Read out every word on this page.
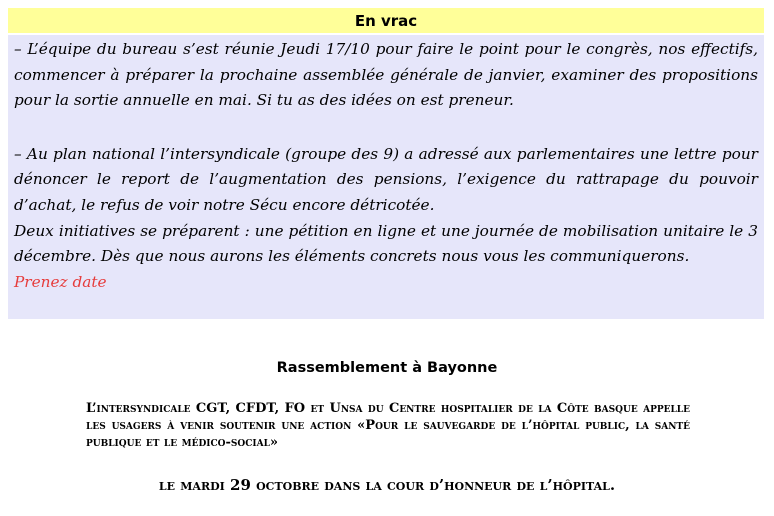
En vrac

– L’équipe du bureau s’est réunie Jeudi 17/10 pour faire le point pour le congrès, nos effectifs, commencer à préparer la prochaine assemblée générale de janvier, examiner des propositions pour la sortie annuelle en mai. Si tu as des idées on est preneur.

– Au plan national l’intersyndicale (groupe des 9) a adressé aux parlementaires une lettre pour dénoncer le report de l’augmentation des pensions, l’exigence du rattrapage du pouvoir d’achat, le refus de voir notre Sécu encore détricotée.

Deux initiatives se préparent : une pétition en ligne et une journée de mobilisation unitaire le 3 décembre. Dès que nous aurons les éléments concrets nous vous les communiquerons.

Prenez date

Rassemblement à Bayonne

L’intersyndicale CGT, CFDT, FO et Unsa du Centre hospitalier de la Côte basque appelle les usagers à venir soutenir une action «Pour le sauvegarde de l’hôpital public, la santé publique et le médico-social»

le mardi 29 octobre dans la cour d’honneur de l’hôpital.
